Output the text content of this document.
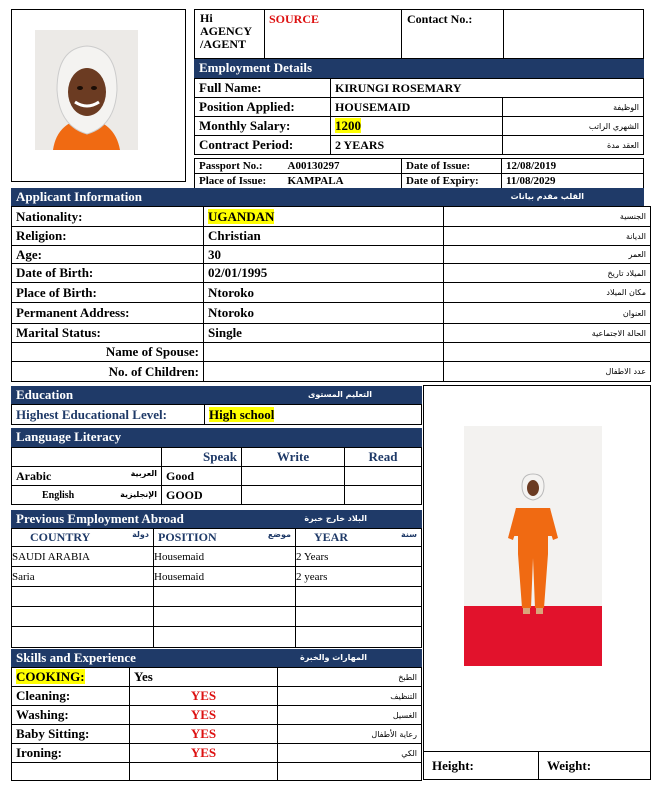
Hi
AGENCY
/AGENT
SOURCE	Contact No.:
Employment Details
Full Name:	KIRUNGI ROSEMARY	
Position Applied:	HOUSEMAID	الوظيفة
Monthly Salary:	1200	الشهري الراتب
Contract Period:	2 YEARS	العقد مدة
Passport No.:	A00130297	Date of Issue:	12/08/2019
Place of Issue:	KAMPALA	Date of Expiry:	11/08/2029
Applicant Information	القلب مقدم بيانات
Nationality:	UGANDAN	الجنسية
Religion:	Christian	الديانة
Age:	30	العمر
Date of Birth:	02/01/1995	الميلاد تاريخ
Place of Birth:	Ntoroko	مكان الميلاد
Permanent Address:	Ntoroko	العنوان
Marital Status:	Single	الحالة الاجتماعية
Name of Spouse:		
No. of Children:		عدد الاطفال
Height:	Weight:
Education	التعليم المستوى
Highest Educational Level:	High school
Language Literacy
	Speak	Write	Read
Arabic العربية	Good		
English الإنجليزية	GOOD		
Previous Employment Abroad	البلاد خارج خبرة
COUNTRY دولة	POSITION موضع	YEAR سنة

SAUDI ARABIA	Housemaid	2 Years
Saria	Housemaid	2 years

Skills and Experience	المهارات والخبرة
COOKING:	Yes	الطبخ
Cleaning:	YES	التنظيف
Washing:	YES	الغسيل
Baby Sitting:	YES	رعاية الأطفال
Ironing:	YES	الكي
